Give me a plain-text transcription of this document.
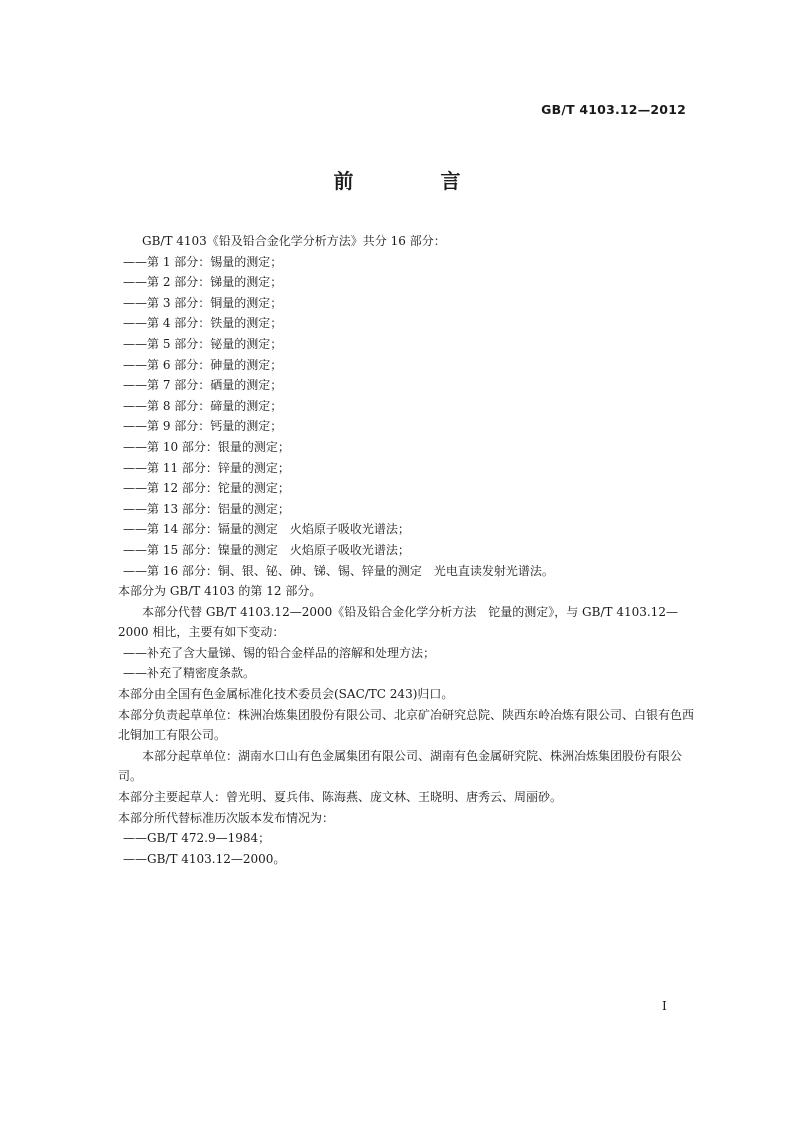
GB/T 4103.12—2012
前 言

GB/T 4103《铅及铅合金化学分析方法》共分 16 部分：

——第 1 部分：锡量的测定；

——第 2 部分：锑量的测定；

——第 3 部分：铜量的测定；

——第 4 部分：铁量的测定；

——第 5 部分：铋量的测定；

——第 6 部分：砷量的测定；

——第 7 部分：硒量的测定；

——第 8 部分：碲量的测定；

——第 9 部分：钙量的测定；

——第 10 部分：银量的测定；

——第 11 部分：锌量的测定；

——第 12 部分：铊量的测定；

——第 13 部分：铝量的测定；

——第 14 部分：镉量的测定　火焰原子吸收光谱法；

——第 15 部分：镍量的测定　火焰原子吸收光谱法；

——第 16 部分：铜、银、铋、砷、锑、锡、锌量的测定　光电直读发射光谱法。

本部分为 GB/T 4103 的第 12 部分。

本部分代替 GB/T 4103.12—2000《铅及铅合金化学分析方法　铊量的测定》，与 GB/T 4103.12—2000 相比，主要有如下变动：

——补充了含大量锑、锡的铅合金样品的溶解和处理方法；

——补充了精密度条款。

本部分由全国有色金属标准化技术委员会(SAC/TC 243)归口。

本部分负责起草单位：株洲冶炼集团股份有限公司、北京矿冶研究总院、陕西东岭冶炼有限公司、白银有色西北铜加工有限公司。

本部分起草单位：湖南水口山有色金属集团有限公司、湖南有色金属研究院、株洲冶炼集团股份有限公司。

本部分主要起草人：曾光明、夏兵伟、陈海燕、庞文林、王晓明、唐秀云、周丽砂。

本部分所代替标准历次版本发布情况为：

——GB/T 472.9—1984；

——GB/T 4103.12—2000。

I
